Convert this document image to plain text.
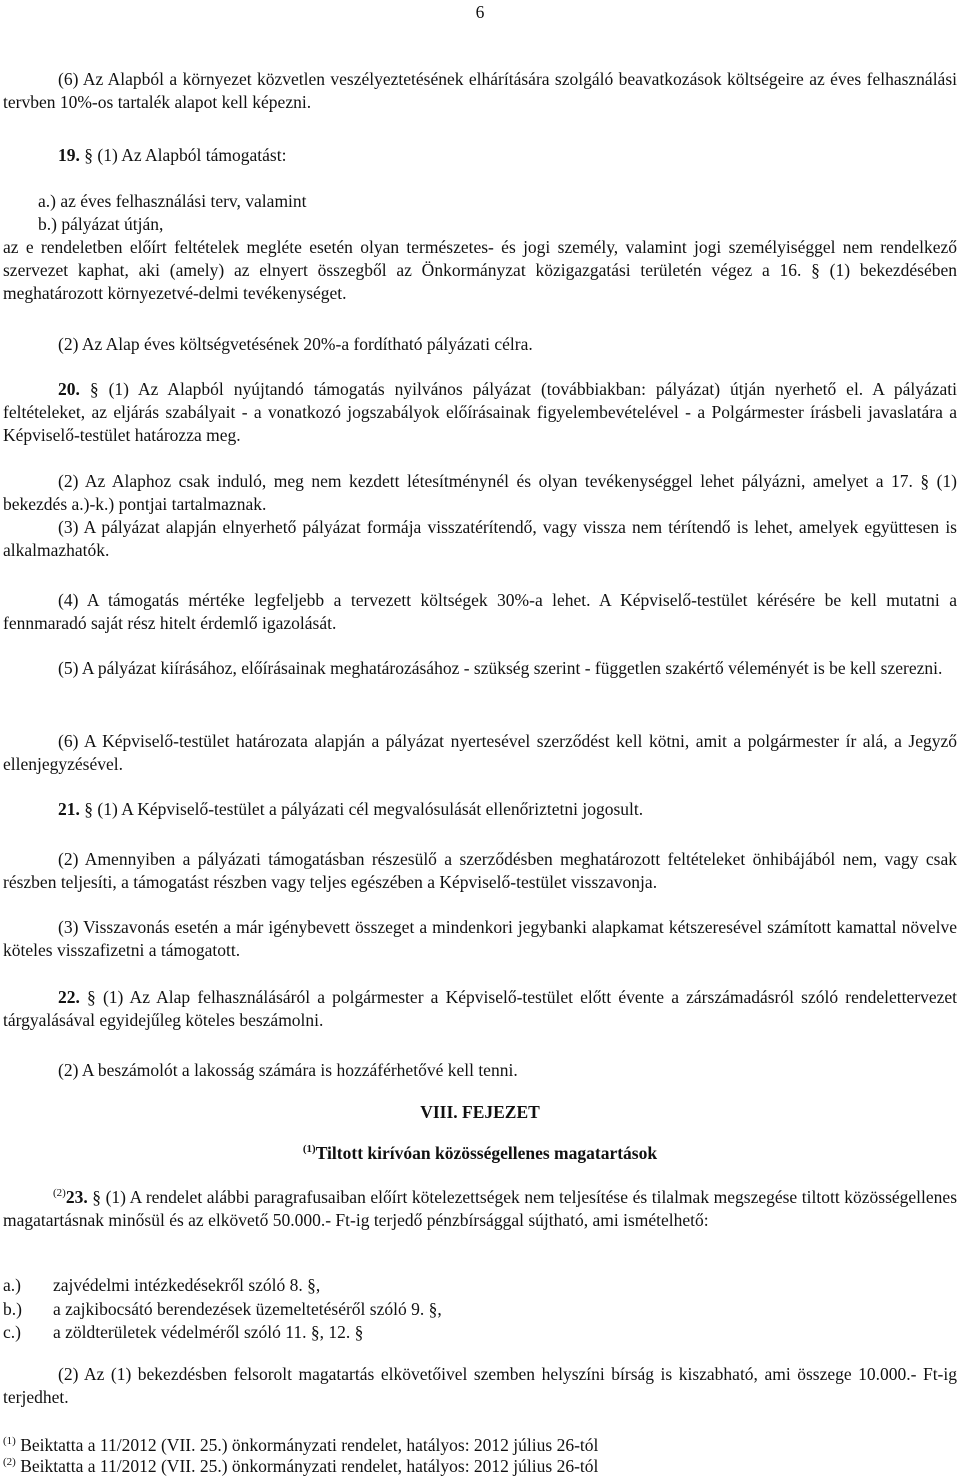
6
(6) Az Alapból a környezet közvetlen veszélyeztetésének elhárítására szolgáló beavatkozások költségeire az éves felhasználási tervben 10%-os tartalék alapot kell képezni.
19. § (1) Az Alapból támogatást:
a.) az éves felhasználási terv, valamint
b.) pályázat útján,
az e rendeletben előírt feltételek megléte esetén olyan természetes- és jogi személy, valamint jogi személyiséggel nem rendelkező szervezet kaphat, aki (amely) az elnyert összegből az Önkormányzat közigazgatási területén végez a 16. § (1) bekezdésében meghatározott környezetvé-delmi tevékenységet.
(2) Az Alap éves költségvetésének 20%-a fordítható pályázati célra.
20. § (1) Az Alapból nyújtandó támogatás nyilvános pályázat (továbbiakban: pályázat) útján nyerhető el. A pályázati feltételeket, az eljárás szabályait - a vonatkozó jogszabályok előírásainak figyelembevételével - a Polgármester írásbeli javaslatára a Képviselő-testület határozza meg.
(2) Az Alaphoz csak induló, meg nem kezdett létesítménynél és olyan tevékenységgel lehet pályázni, amelyet a 17. § (1) bekezdés a.)-k.) pontjai tartalmaznak.
(3) A pályázat alapján elnyerhető pályázat formája visszatérítendő, vagy vissza nem térítendő is lehet, amelyek együttesen is alkalmazhatók.
(4) A támogatás mértéke legfeljebb a tervezett költségek 30%-a lehet. A Képviselő-testület kérésére be kell mutatni a fennmaradó saját rész hitelt érdemlő igazolását.
(5) A pályázat kiírásához, előírásainak meghatározásához - szükség szerint - független szakértő véleményét is be kell szerezni.
(6) A Képviselő-testület határozata alapján a pályázat nyertesével szerződést kell kötni, amit a polgármester ír alá, a Jegyző ellenjegyzésével.
21. § (1) A Képviselő-testület a pályázati cél megvalósulását ellenőriztetni jogosult.
(2) Amennyiben a pályázati támogatásban részesülő a szerződésben meghatározott feltételeket önhibájából nem, vagy csak részben teljesíti, a támogatást részben vagy teljes egészében a Képviselő-testület visszavonja.
(3) Visszavonás esetén a már igénybevett összeget a mindenkori jegybanki alapkamat kétszeresével számított kamattal növelve köteles visszafizetni a támogatott.
22. § (1) Az Alap felhasználásáról a polgármester a Képviselő-testület előtt évente a zárszámadásról szóló rendelettervezet tárgyalásával egyidejűleg köteles beszámolni.
(2) A beszámolót a lakosság számára is hozzáférhetővé kell tenni.
VIII. FEJEZET
$^{(1)}$Tiltott kirívóan közösségellenes magatartások
$^{(2)}$23. § (1) A rendelet alábbi paragrafusaiban előírt kötelezettségek nem teljesítése és tilalmak megszegése tiltott közösségellenes magatartásnak minősül és az elkövető 50.000.- Ft-ig terjedő pénzbírsággal sújtható, ami ismételhető:
a.) zajvédelmi intézkedésekről szóló 8. §,
b.) a zajkibocsátó berendezések üzemeltetéséről szóló 9. §,
c.) a zöldterületek védelméről szóló 11. §, 12. §
(2) Az (1) bekezdésben felsorolt magatartás elkövetőivel szemben helyszíni bírság is kiszabható, ami összege 10.000.- Ft-ig terjedhet.
$^{(1)}$ Beiktatta a 11/2012 (VII. 25.) önkormányzati rendelet, hatályos: 2012 július 26-tól
$^{(2)}$ Beiktatta a 11/2012 (VII. 25.) önkormányzati rendelet, hatályos: 2012 július 26-tól
